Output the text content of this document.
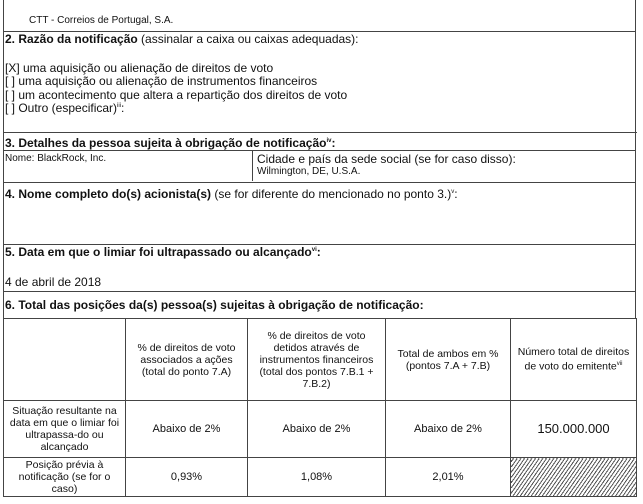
CTT - Correios de Portugal, S.A.
2. Razão da notificação (assinalar a caixa ou caixas adequadas):
[X] uma aquisição ou alienação de direitos de voto
[ ] uma aquisição ou alienação de instrumentos financeiros
[ ] um acontecimento que altera a repartição dos direitos de voto
[ ] Outro (especificar)$^{iii}$:
3. Detalhes da pessoa sujeita à obrigação de notificação$^{iv}$:
Nome: BlackRock, Inc.	Cidade e país da sede social (se for caso disso):
Wilmington, DE, U.S.A.
4. Nome completo do(s) acionista(s) (se for diferente do mencionado no ponto 3.)$^v$:
5. Data em que o limiar foi ultrapassado ou alcançado$^{vi}$:
4 de abril de 2018
6. Total das posições da(s) pessoa(s) sujeitas à obrigação de notificação:
	% de direitos de voto associados a ações (total do ponto 7.A)	% de direitos de voto detidos através de instrumentos financeiros (total dos pontos 7.B.1 + 7.B.2)	Total de ambos em % (pontos 7.A + 7.B)	Número total de direitos de voto do emitente$^{vii}$
Situação resultante na data em que o limiar foi ultrapassa-do ou alcançado	Abaixo de 2%	Abaixo de 2%	Abaixo de 2%	150.000.000
Posição prévia à notificação (se for o caso)	0,93%	1,08%	2,01%	
